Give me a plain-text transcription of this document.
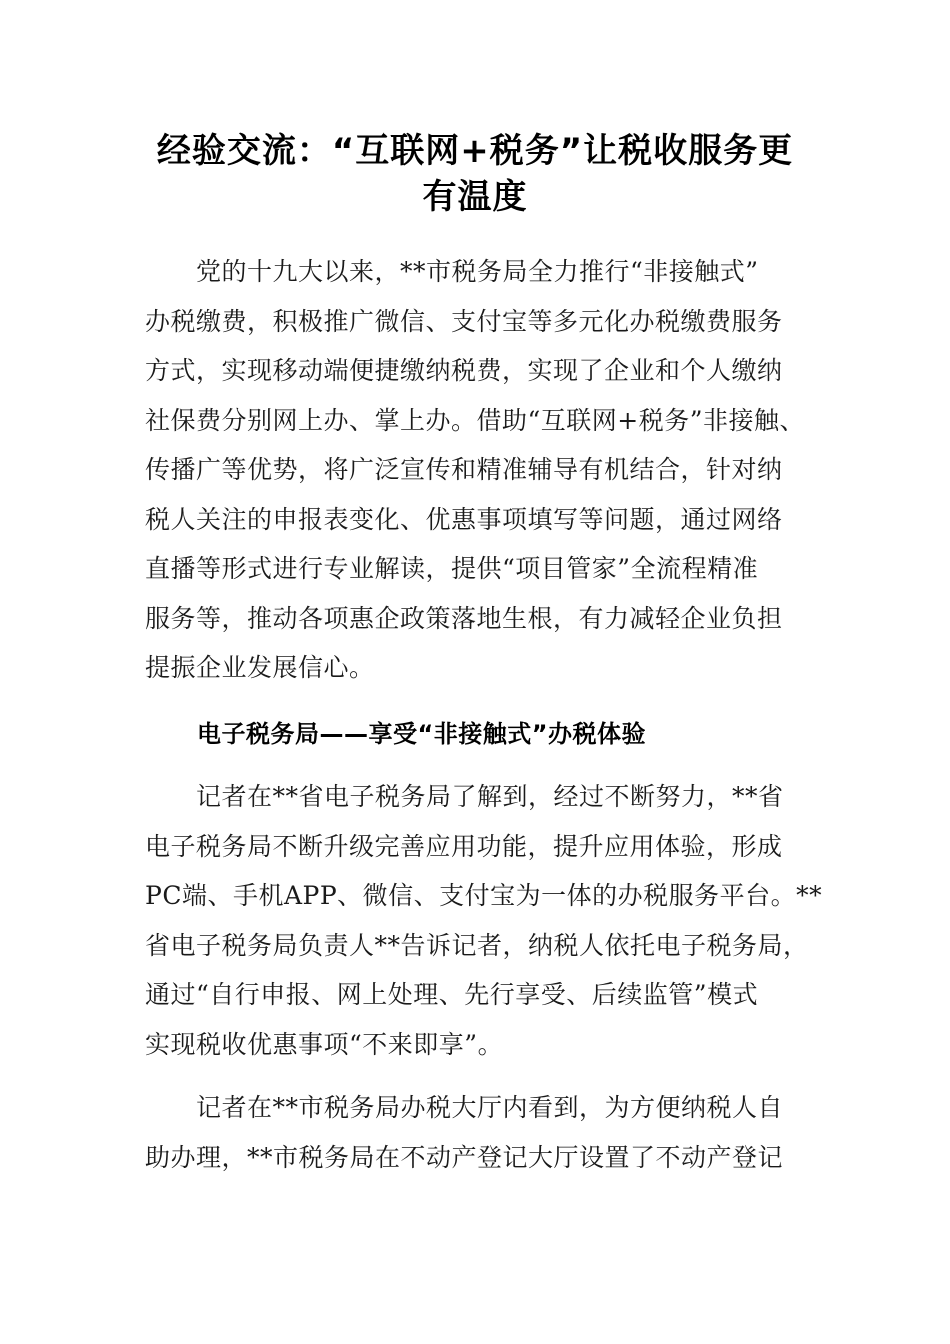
经验交流：“互联网+税务”让税收服务更
有温度
　　党的十九大以来，**市税务局全力推行“非接触式”
办税缴费，积极推广微信、支付宝等多元化办税缴费服务
方式，实现移动端便捷缴纳税费，实现了企业和个人缴纳
社保费分别网上办、掌上办。借助“互联网+税务”非接触、
传播广等优势，将广泛宣传和精准辅导有机结合，针对纳
税人关注的申报表变化、优惠事项填写等问题，通过网络
直播等形式进行专业解读，提供“项目管家”全流程精准
服务等，推动各项惠企政策落地生根，有力减轻企业负担
提振企业发展信心。
电子税务局——享受“非接触式”办税体验
　　记者在**省电子税务局了解到，经过不断努力，**省
电子税务局不断升级完善应用功能，提升应用体验，形成
PC端、手机APP、微信、支付宝为一体的办税服务平台。**
省电子税务局负责人**告诉记者，纳税人依托电子税务局，
通过“自行申报、网上处理、先行享受、后续监管”模式
实现税收优惠事项“不来即享”。
　　记者在**市税务局办税大厅内看到，为方便纳税人自
助办理，**市税务局在不动产登记大厅设置了不动产登记
